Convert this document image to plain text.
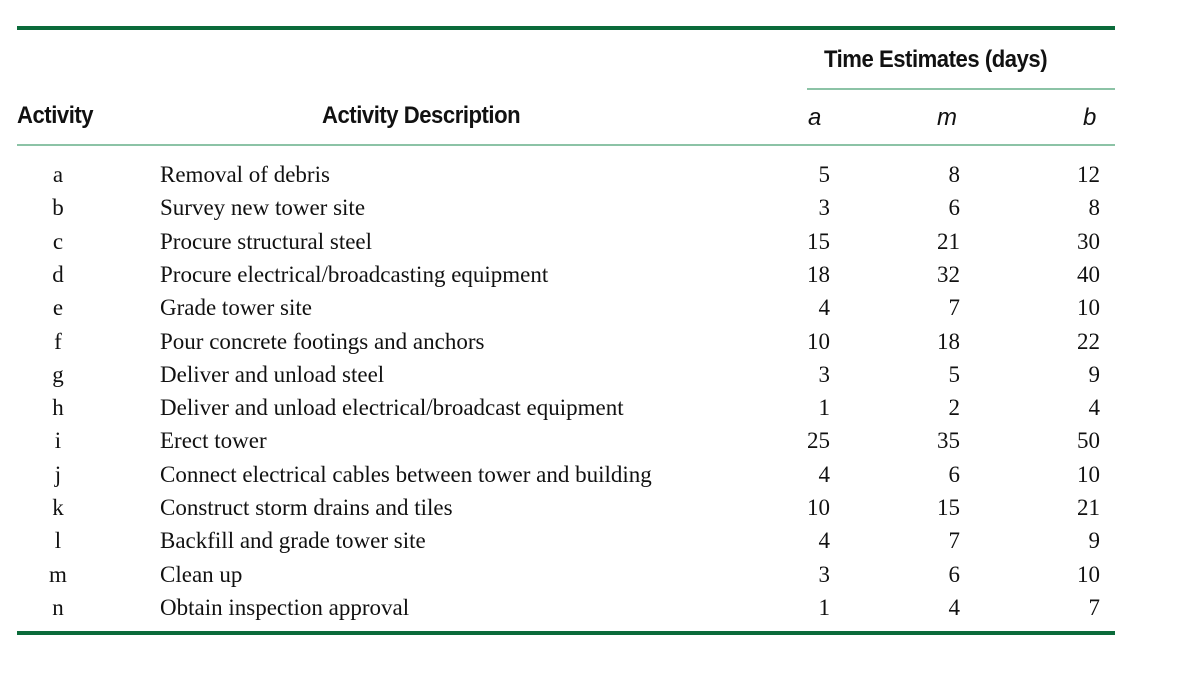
Time Estimates (days)
Activity	Activity Description	a	m	b
a	Removal of debris	5	8	12
b	Survey new tower site	3	6	8
c	Procure structural steel	15	21	30
d	Procure electrical/broadcasting equipment	18	32	40
e	Grade tower site	4	7	10
f	Pour concrete footings and anchors	10	18	22
g	Deliver and unload steel	3	5	9
h	Deliver and unload electrical/broadcast equipment	1	2	4
i	Erect tower	25	35	50
j	Connect electrical cables between tower and building	4	6	10
k	Construct storm drains and tiles	10	15	21
l	Backfill and grade tower site	4	7	9
m	Clean up	3	6	10
n	Obtain inspection approval	1	4	7
